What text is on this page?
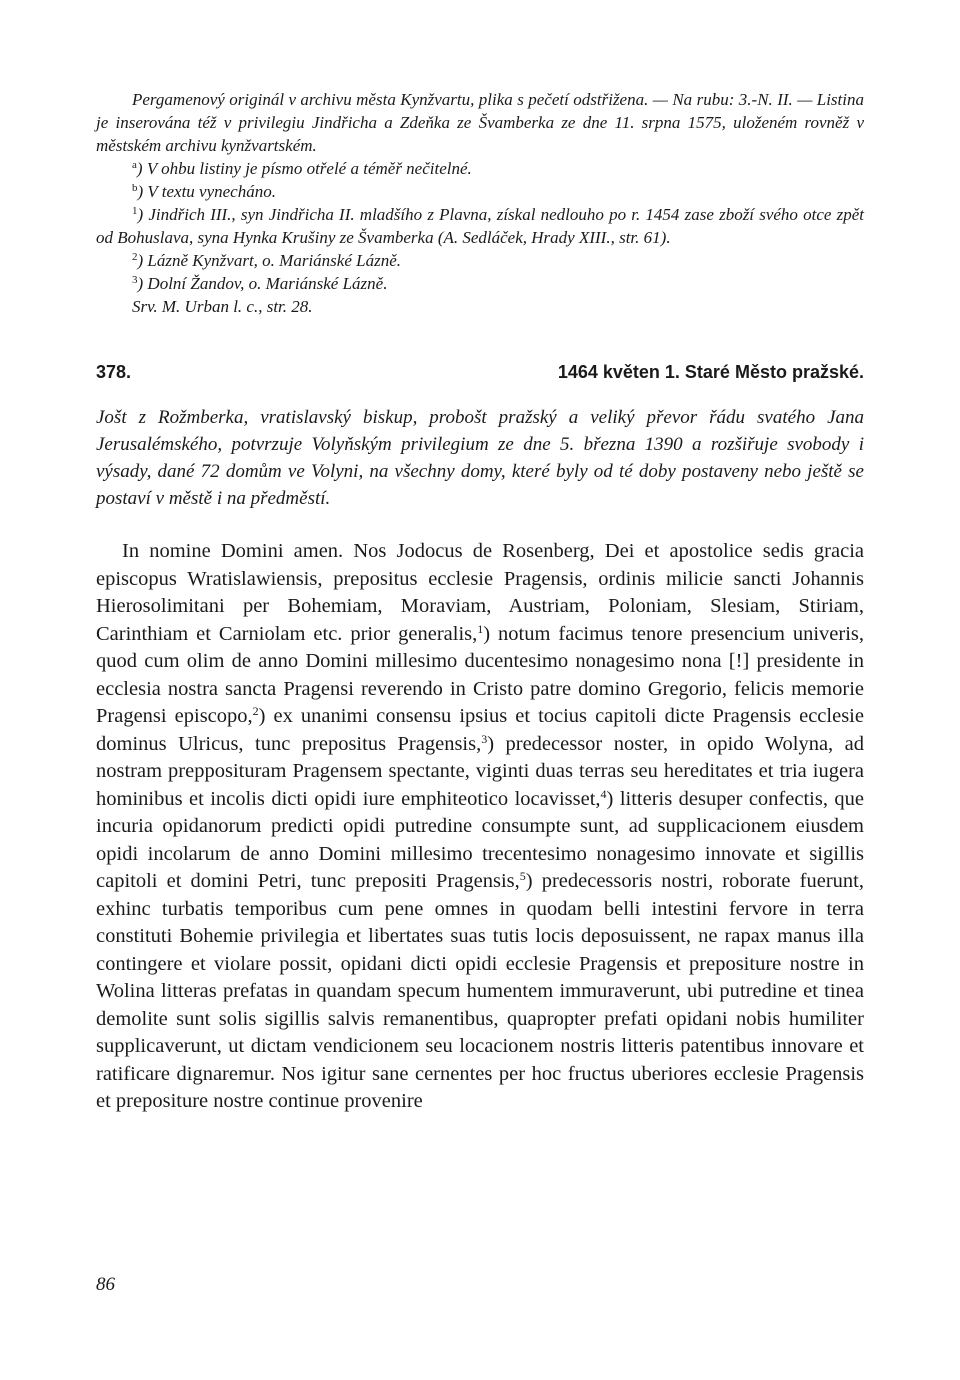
Pergamenový originál v archivu města Kynžvartu, plika s pečetí odstřižena. — Na rubu: 3.-N. II. — Listina je inserována též v privilegiu Jindřicha a Zdeňka ze Švamberka ze dne 11. srpna 1575, uloženém rovněž v městském archivu kynžvartském.

$^a$) V ohbu listiny je písmo otřelé a téměř nečitelné.

$^b$) V textu vynecháno.

$^1$) Jindřich III., syn Jindřicha II. mladšího z Plavna, získal nedlouho po r. 1454 zase zboží svého otce zpět od Bohuslava, syna Hynka Krušiny ze Švamberka (A. Sedláček, Hrady XIII., str. 61).

$^2$) Lázně Kynžvart, o. Mariánské Lázně.

$^3$) Dolní Žandov, o. Mariánské Lázně.

Srv. M. Urban l. c., str. 28.

378.	1464 květen 1. Staré Město pražské.
Jošt z Rožmberka, vratislavský biskup, probošt pražský a veliký převor řádu svatého Jana Jerusalémského, potvrzuje Volyňským privilegium ze dne 5. března 1390 a rozšiřuje svobody i výsady, dané 72 domům ve Volyni, na všechny domy, které byly od té doby postaveny nebo ještě se postaví v městě i na předměstí.
In nomine Domini amen. Nos Jodocus de Rosenberg, Dei et apostolice sedis gracia episcopus Wratislawiensis, prepositus ecclesie Pragensis, ordinis milicie sancti Johannis Hierosolimitani per Bohemiam, Moraviam, Austriam, Poloniam, Slesiam, Stiriam, Carinthiam et Carniolam etc. prior generalis,$^1$) notum facimus tenore presencium univeris, quod cum olim de anno Domini millesimo ducentesimo nonagesimo nona [!] presidente in ecclesia nostra sancta Pragensi reverendo in Cristo patre domino Gregorio, felicis memorie Pragensi episcopo,$^2$) ex unanimi consensu ipsius et tocius capitoli dicte Pragensis ecclesie dominus Ulricus, tunc prepositus Pragensis,$^3$) predecessor noster, in opido Wolyna, ad nostram prepposituram Pragensem spectante, viginti duas terras seu hereditates et tria iugera hominibus et incolis dicti opidi iure emphiteotico locavisset,$^4$) litteris desuper confectis, que incuria opidanorum predicti opidi putredine consumpte sunt, ad supplicacionem eiusdem opidi incolarum de anno Domini millesimo trecentesimo nonagesimo innovate et sigillis capitoli et domini Petri, tunc prepositi Pragensis,$^5$) predecessoris nostri, roborate fuerunt, exhinc turbatis temporibus cum pene omnes in quodam belli intestini fervore in terra constituti Bohemie privilegia et libertates suas tutis locis deposuissent, ne rapax manus illa contingere et violare possit, opidani dicti opidi ecclesie Pragensis et prepositure nostre in Wolina litteras prefatas in quandam specum humentem immuraverunt, ubi putredine et tinea demolite sunt solis sigillis salvis remanentibus, quapropter prefati opidani nobis humiliter supplicaverunt, ut dictam vendicionem seu locacionem nostris litteris patentibus innovare et ratificare dignaremur. Nos igitur sane cernentes per hoc fructus uberiores ecclesie Pragensis et prepositure nostre continue provenire
86
